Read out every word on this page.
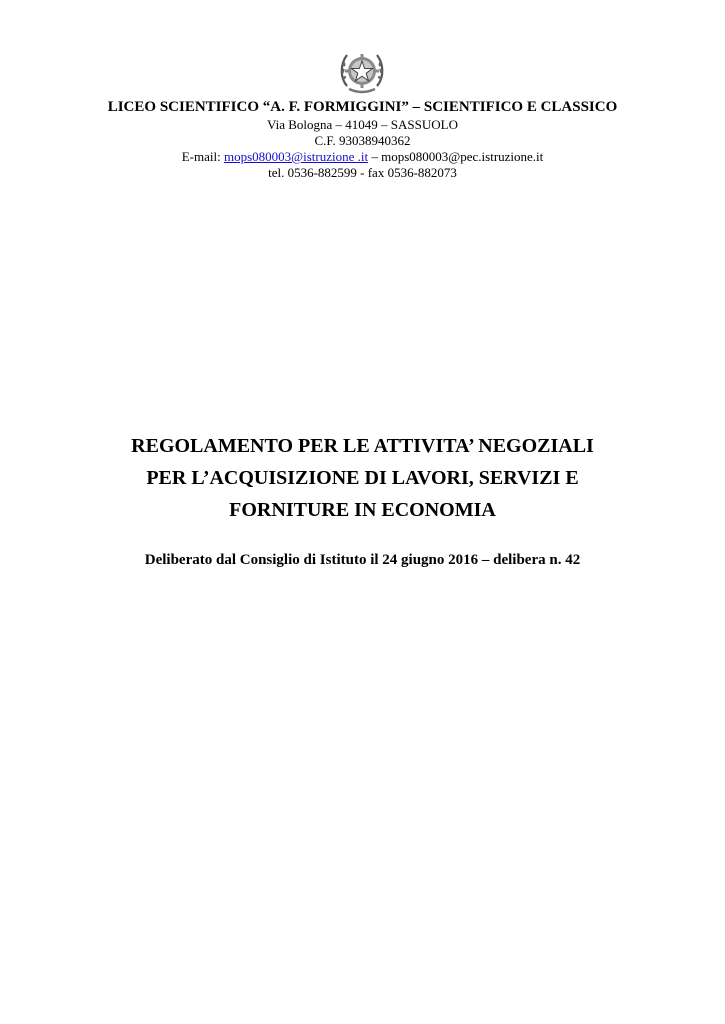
LICEO SCIENTIFICO “A. F. FORMIGGINI” – SCIENTIFICO E CLASSICO
Via Bologna – 41049 – SASSUOLO
C.F. 93038940362
E-mail: mops080003@istruzione .it – mops080003@pec.istruzione.it
tel. 0536-882599 - fax 0536-882073
REGOLAMENTO PER LE ATTIVITA’ NEGOZIALI
PER L’ACQUISIZIONE DI LAVORI, SERVIZI E
FORNITURE IN ECONOMIA
Deliberato dal Consiglio di Istituto il 24 giugno 2016 – delibera n. 42
